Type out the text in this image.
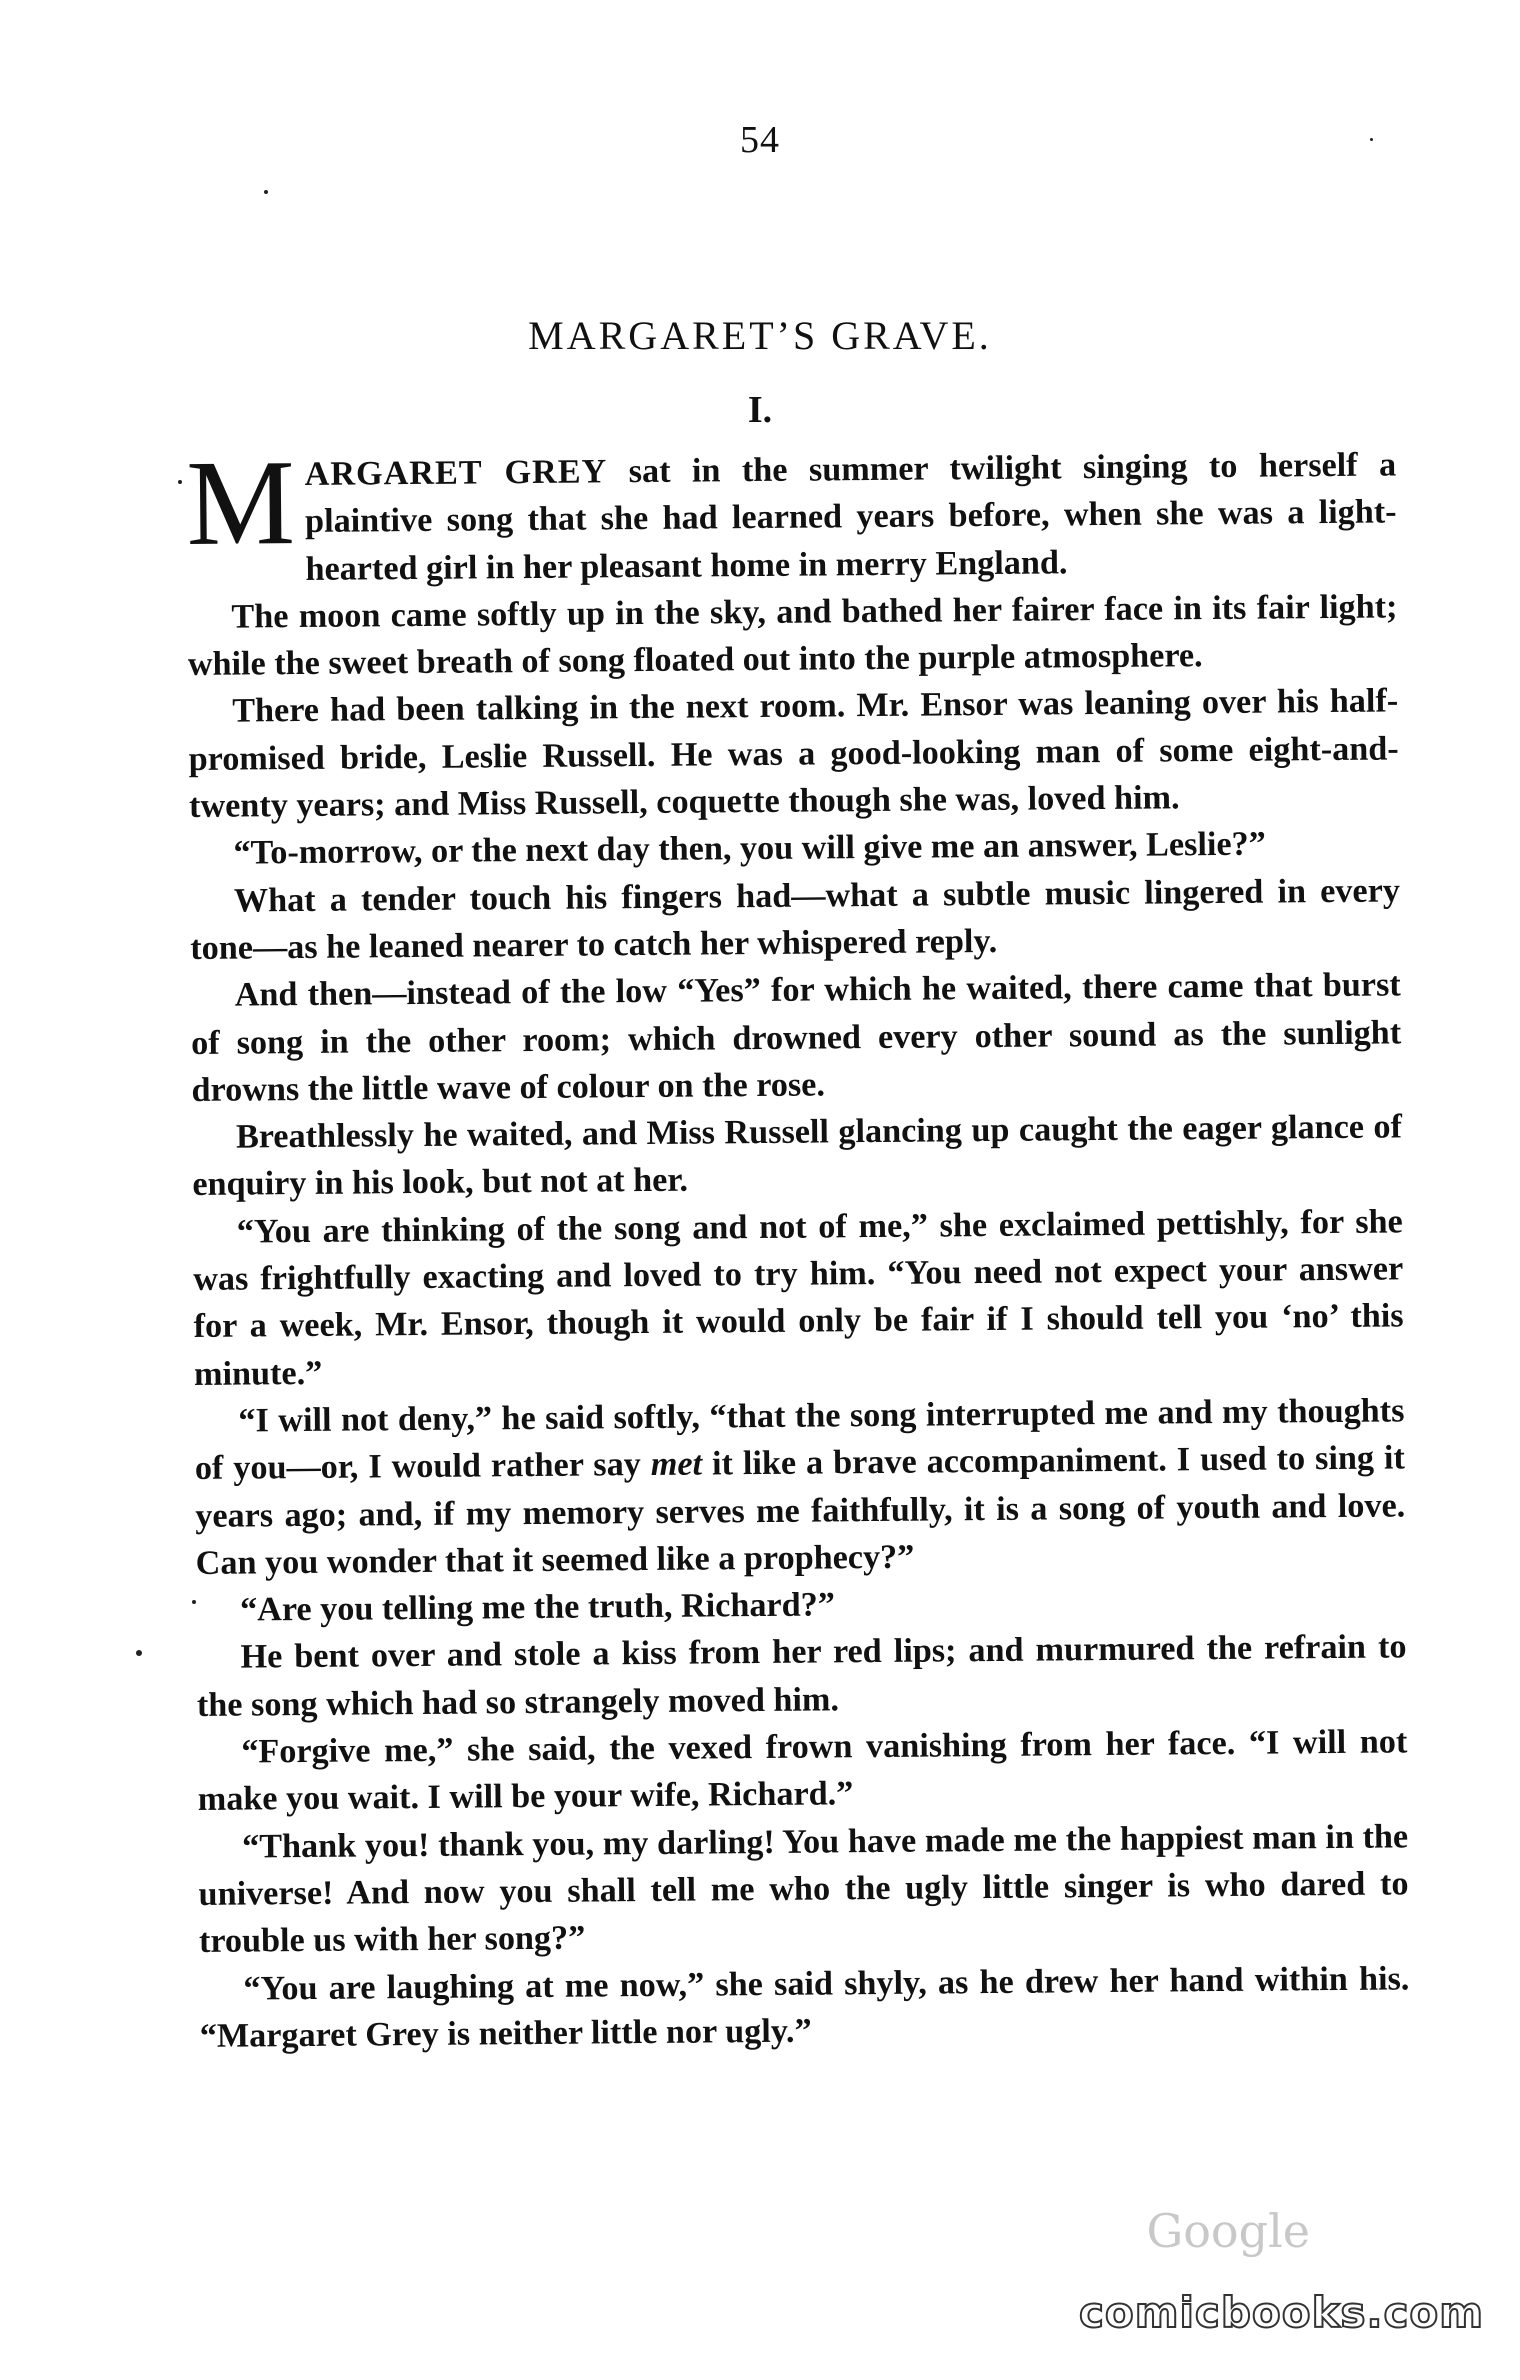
54
MARGARET’S GRAVE.
I.

MARGARET GREY sat in the summer twilight singing to herself a plaintive song that she had learned years before, when she was a light-hearted girl in her pleasant home in merry England.

The moon came softly up in the sky, and bathed her fairer face in its fair light; while the sweet breath of song floated out into the purple atmosphere.

There had been talking in the next room. Mr. Ensor was leaning over his half-promised bride, Leslie Russell. He was a good-looking man of some eight-and-twenty years; and Miss Russell, coquette though she was, loved him.

“To-morrow, or the next day then, you will give me an answer, Leslie?”

What a tender touch his fingers had—what a subtle music lingered in every tone—as he leaned nearer to catch her whispered reply.

And then—instead of the low “Yes” for which he waited, there came that burst of song in the other room; which drowned every other sound as the sunlight drowns the little wave of colour on the rose.

Breathlessly he waited, and Miss Russell glancing up caught the eager glance of enquiry in his look, but not at her.

“You are thinking of the song and not of me,” she exclaimed pettishly, for she was frightfully exacting and loved to try him. “You need not expect your answer for a week, Mr. Ensor, though it would only be fair if I should tell you ‘no’ this minute.”

“I will not deny,” he said softly, “that the song interrupted me and my thoughts of you—or, I would rather say met it like a brave accompaniment. I used to sing it years ago; and, if my memory serves me faithfully, it is a song of youth and love. Can you wonder that it seemed like a prophecy?”

“Are you telling me the truth, Richard?”

He bent over and stole a kiss from her red lips; and murmured the refrain to the song which had so strangely moved him.

“Forgive me,” she said, the vexed frown vanishing from her face. “I will not make you wait. I will be your wife, Richard.”

“Thank you! thank you, my darling! You have made me the happiest man in the universe! And now you shall tell me who the ugly little singer is who dared to trouble us with her song?”

“You are laughing at me now,” she said shyly, as he drew her hand within his. “Margaret Grey is neither little nor ugly.”

Google
comicbooks.com
